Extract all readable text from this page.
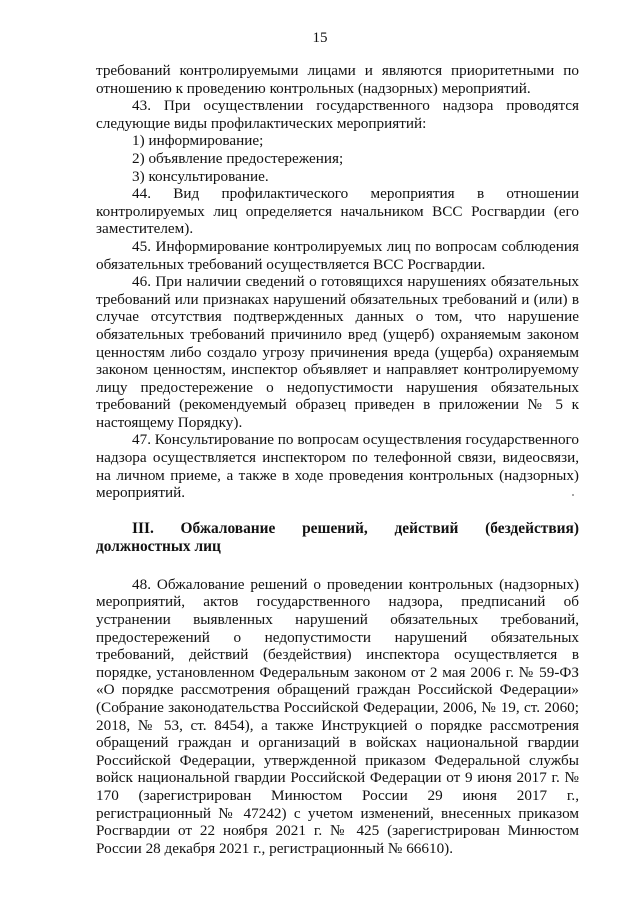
15

требований контролируемыми лицами и являются приоритетными по отношению к проведению контрольных (надзорных) мероприятий.

43. При осуществлении государственного надзора проводятся следующие виды профилактических мероприятий:

1) информирование;

2) объявление предостережения;

3) консультирование.

44. Вид профилактического мероприятия в отношении контролируемых лиц определяется начальником ВСС Росгвардии (его заместителем).

45. Информирование контролируемых лиц по вопросам соблюдения обязательных требований осуществляется ВСС Росгвардии.

46. При наличии сведений о готовящихся нарушениях обязательных требований или признаках нарушений обязательных требований и (или) в случае отсутствия подтвержденных данных о том, что нарушение обязательных требований причинило вред (ущерб) охраняемым законом ценностям либо создало угрозу причинения вреда (ущерба) охраняемым законом ценностям, инспектор объявляет и направляет контролируемому лицу предостережение о недопустимости нарушения обязательных требований (рекомендуемый образец приведен в приложении № 5 к настоящему Порядку).

47. Консультирование по вопросам осуществления государственного надзора осуществляется инспектором по телефонной связи, видеосвязи, на личном приеме, а также в ходе проведения контрольных (надзорных) мероприятий.

III. Обжалование решений, действий (бездействия) должностных лиц

48. Обжалование решений о проведении контрольных (надзорных) мероприятий, актов государственного надзора, предписаний об устранении выявленных нарушений обязательных требований, предостережений о недопустимости нарушений обязательных требований, действий (бездействия) инспектора осуществляется в порядке, установленном Федеральным законом от 2 мая 2006 г. № 59-ФЗ «О порядке рассмотрения обращений граждан Российской Федерации» (Собрание законодательства Российской Федерации, 2006, № 19, ст. 2060; 2018, № 53, ст. 8454), а также Инструкцией о порядке рассмотрения обращений граждан и организаций в войсках национальной гвардии Российской Федерации, утвержденной приказом Федеральной службы войск национальной гвардии Российской Федерации от 9 июня 2017 г. № 170 (зарегистрирован Минюстом России 29 июня 2017 г., регистрационный № 47242) с учетом изменений, внесенных приказом Росгвардии от 22 ноября 2021 г. № 425 (зарегистрирован Минюстом России 28 декабря 2021 г., регистрационный № 66610).
